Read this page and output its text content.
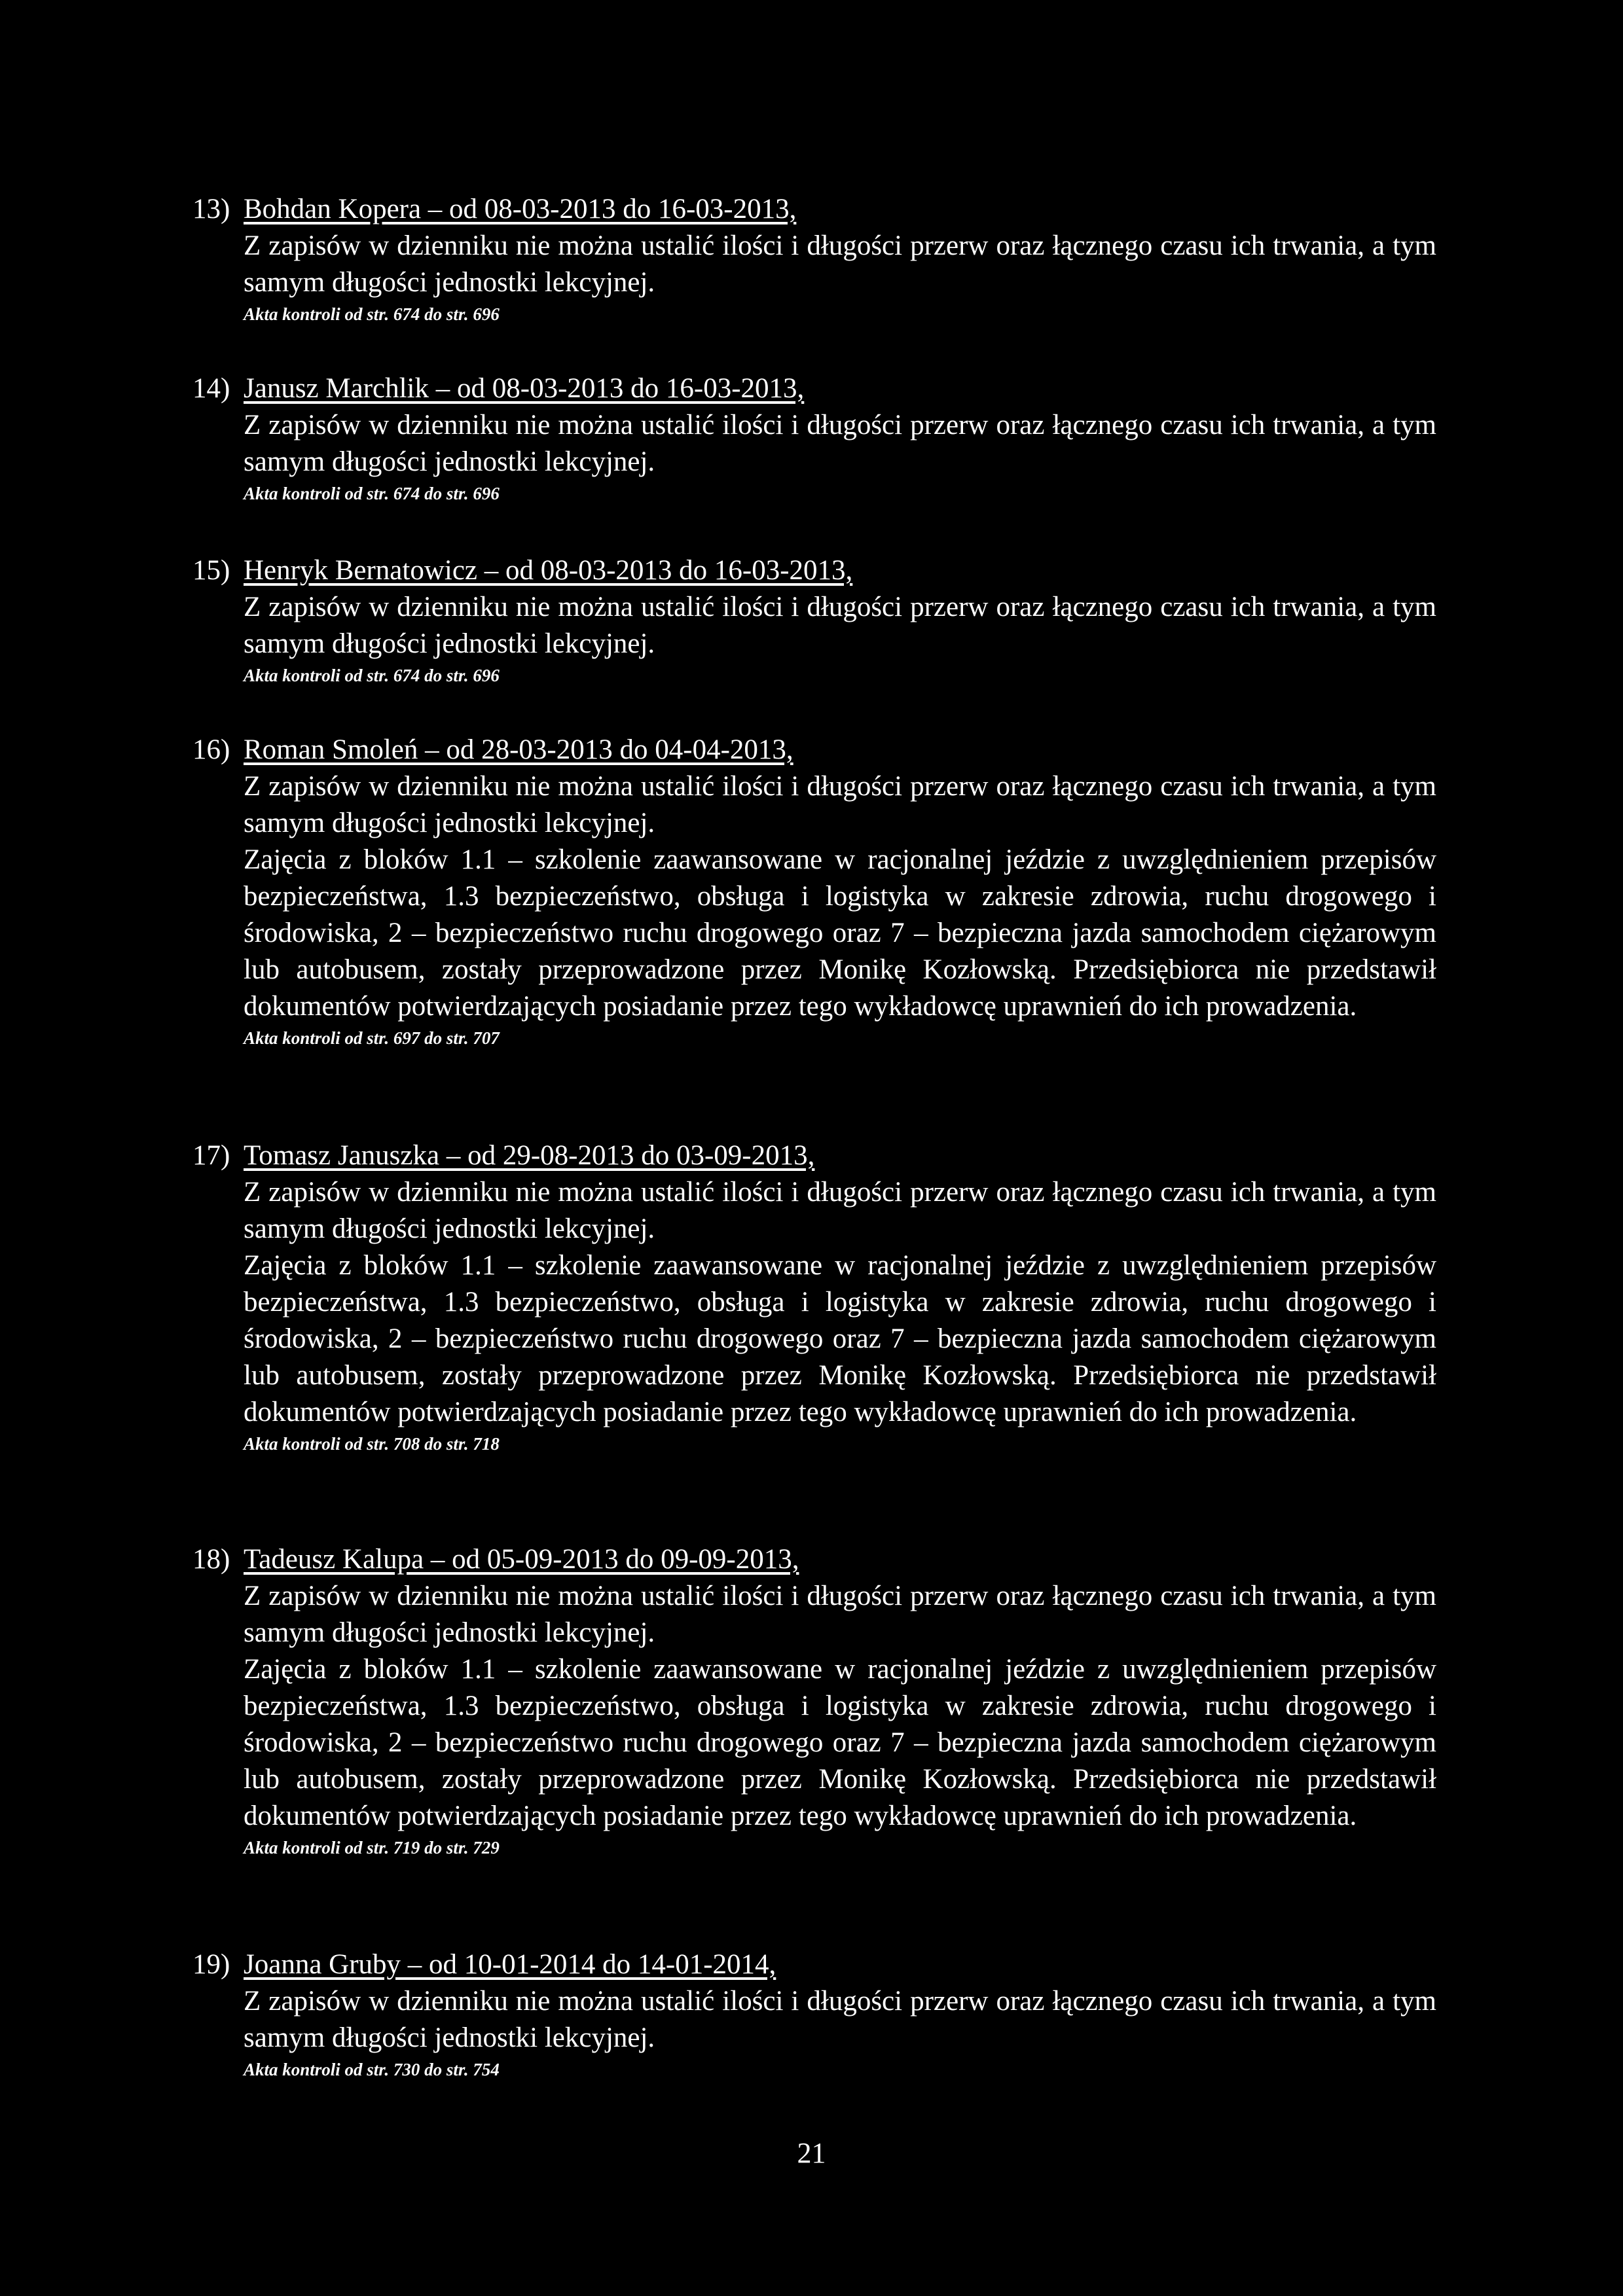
13) Bohdan Kopera – od 08-03-2013 do 16-03-2013,

Z zapisów w dzienniku nie można ustalić ilości i długości przerw oraz łącznego czasu ich trwania, a tym samym długości jednostki lekcyjnej.

Akta kontroli od str. 674 do str. 696
14) Janusz Marchlik – od 08-03-2013 do 16-03-2013,

Z zapisów w dzienniku nie można ustalić ilości i długości przerw oraz łącznego czasu ich trwania, a tym samym długości jednostki lekcyjnej.

Akta kontroli od str. 674 do str. 696
15) Henryk Bernatowicz – od 08-03-2013 do 16-03-2013,

Z zapisów w dzienniku nie można ustalić ilości i długości przerw oraz łącznego czasu ich trwania, a tym samym długości jednostki lekcyjnej.

Akta kontroli od str. 674 do str. 696
16) Roman Smoleń – od 28-03-2013 do 04-04-2013,

Z zapisów w dzienniku nie można ustalić ilości i długości przerw oraz łącznego czasu ich trwania, a tym samym długości jednostki lekcyjnej.

Zajęcia z bloków 1.1 – szkolenie zaawansowane w racjonalnej jeździe z uwzględnieniem przepisów bezpieczeństwa, 1.3 bezpieczeństwo, obsługa i logistyka w zakresie zdrowia, ruchu drogowego i środowiska, 2 – bezpieczeństwo ruchu drogowego oraz 7 – bezpieczna jazda samochodem ciężarowym lub autobusem, zostały przeprowadzone przez Monikę Kozłowską. Przedsiębiorca nie przedstawił dokumentów potwierdzających posiadanie przez tego wykładowcę uprawnień do ich prowadzenia.

Akta kontroli od str. 697 do str. 707
17) Tomasz Januszka – od 29-08-2013 do 03-09-2013,

Z zapisów w dzienniku nie można ustalić ilości i długości przerw oraz łącznego czasu ich trwania, a tym samym długości jednostki lekcyjnej.

Zajęcia z bloków 1.1 – szkolenie zaawansowane w racjonalnej jeździe z uwzględnieniem przepisów bezpieczeństwa, 1.3 bezpieczeństwo, obsługa i logistyka w zakresie zdrowia, ruchu drogowego i środowiska, 2 – bezpieczeństwo ruchu drogowego oraz 7 – bezpieczna jazda samochodem ciężarowym lub autobusem, zostały przeprowadzone przez Monikę Kozłowską. Przedsiębiorca nie przedstawił dokumentów potwierdzających posiadanie przez tego wykładowcę uprawnień do ich prowadzenia.

Akta kontroli od str. 708 do str. 718
18) Tadeusz Kalupa – od 05-09-2013 do 09-09-2013,

Z zapisów w dzienniku nie można ustalić ilości i długości przerw oraz łącznego czasu ich trwania, a tym samym długości jednostki lekcyjnej.

Zajęcia z bloków 1.1 – szkolenie zaawansowane w racjonalnej jeździe z uwzględnieniem przepisów bezpieczeństwa, 1.3 bezpieczeństwo, obsługa i logistyka w zakresie zdrowia, ruchu drogowego i środowiska, 2 – bezpieczeństwo ruchu drogowego oraz 7 – bezpieczna jazda samochodem ciężarowym lub autobusem, zostały przeprowadzone przez Monikę Kozłowską. Przedsiębiorca nie przedstawił dokumentów potwierdzających posiadanie przez tego wykładowcę uprawnień do ich prowadzenia.

Akta kontroli od str. 719 do str. 729
19) Joanna Gruby – od 10-01-2014 do 14-01-2014,

Z zapisów w dzienniku nie można ustalić ilości i długości przerw oraz łącznego czasu ich trwania, a tym samym długości jednostki lekcyjnej.

Akta kontroli od str. 730 do str. 754
21
